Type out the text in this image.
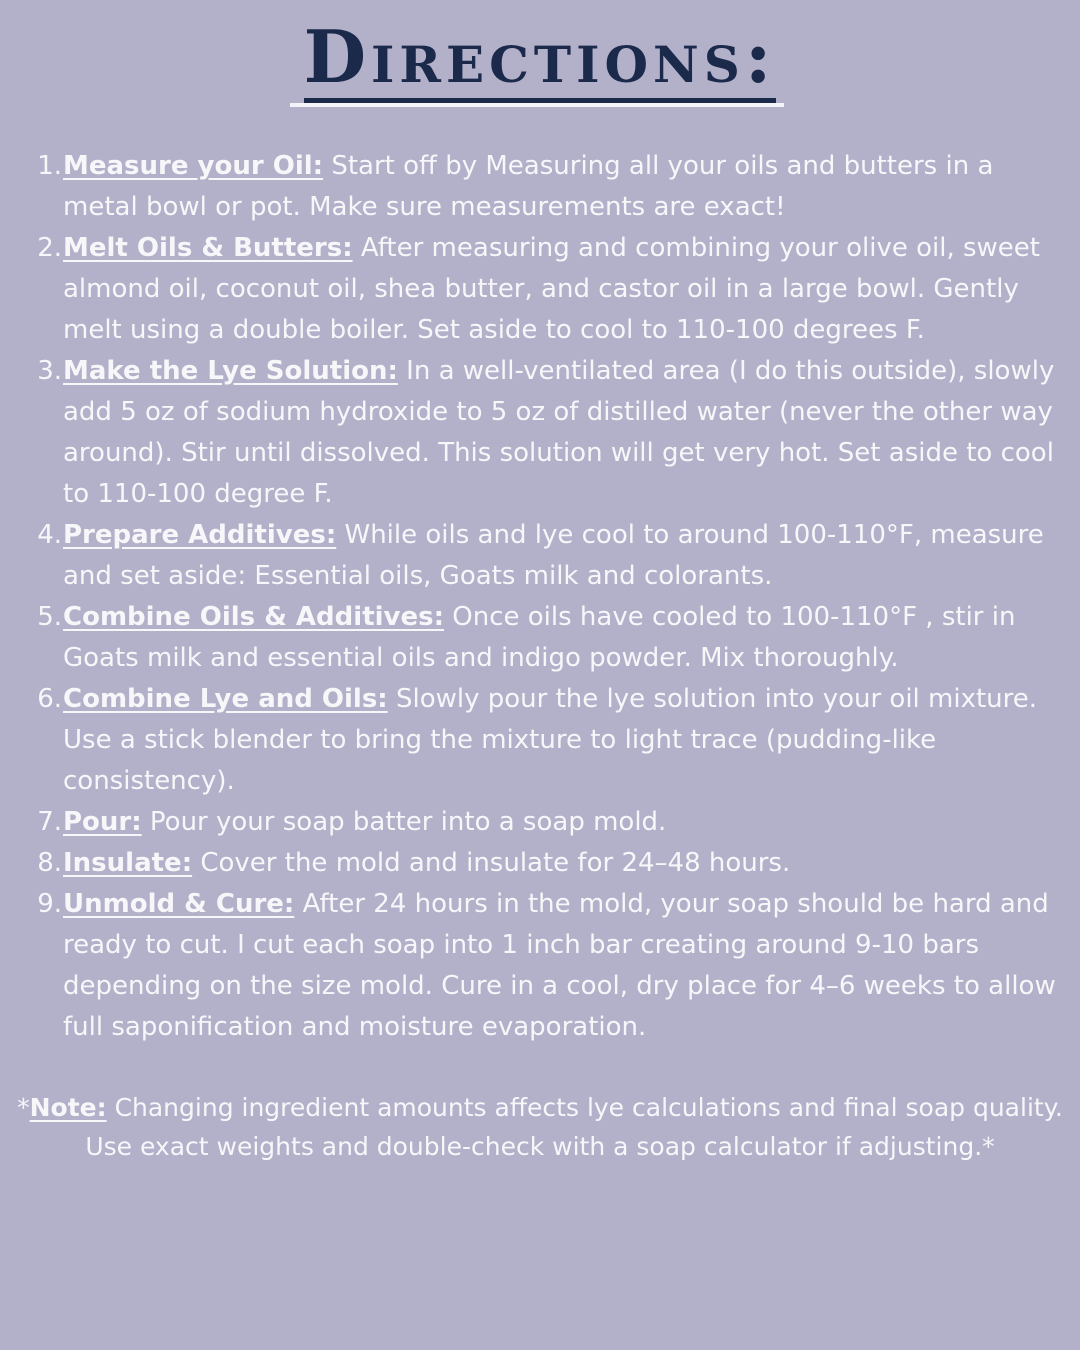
Directions:
1. Measure your Oil: Start off by Measuring all your oils and butters in a metal bowl or pot. Make sure measurements are exact!
2. Melt Oils & Butters: After measuring and combining your olive oil, sweet almond oil, coconut oil, shea butter, and castor oil in a large bowl. Gently melt using a double boiler. Set aside to cool to 110-100 degrees F.
3. Make the Lye Solution: In a well-ventilated area (I do this outside), slowly add 5 oz of sodium hydroxide to 5 oz of distilled water (never the other way around). Stir until dissolved. This solution will get very hot. Set aside to cool to 110-100 degree F.
4. Prepare Additives: While oils and lye cool to around 100-110°F, measure and set aside: Essential oils, Goats milk and colorants.
5. Combine Oils & Additives: Once oils have cooled to 100-110°F , stir in Goats milk and essential oils and indigo powder. Mix thoroughly.
6. Combine Lye and Oils: Slowly pour the lye solution into your oil mixture. Use a stick blender to bring the mixture to light trace (pudding-like consistency).
7. Pour: Pour your soap batter into a soap mold.
8. Insulate: Cover the mold and insulate for 24–48 hours.
9. Unmold & Cure: After 24 hours in the mold, your soap should be hard and ready to cut. I cut each soap into 1 inch bar creating around 9-10 bars depending on the size mold. Cure in a cool, dry place for 4–6 weeks to allow full saponification and moisture evaporation.

*Note: Changing ingredient amounts affects lye calculations and final soap quality. Use exact weights and double-check with a soap calculator if adjusting.*
